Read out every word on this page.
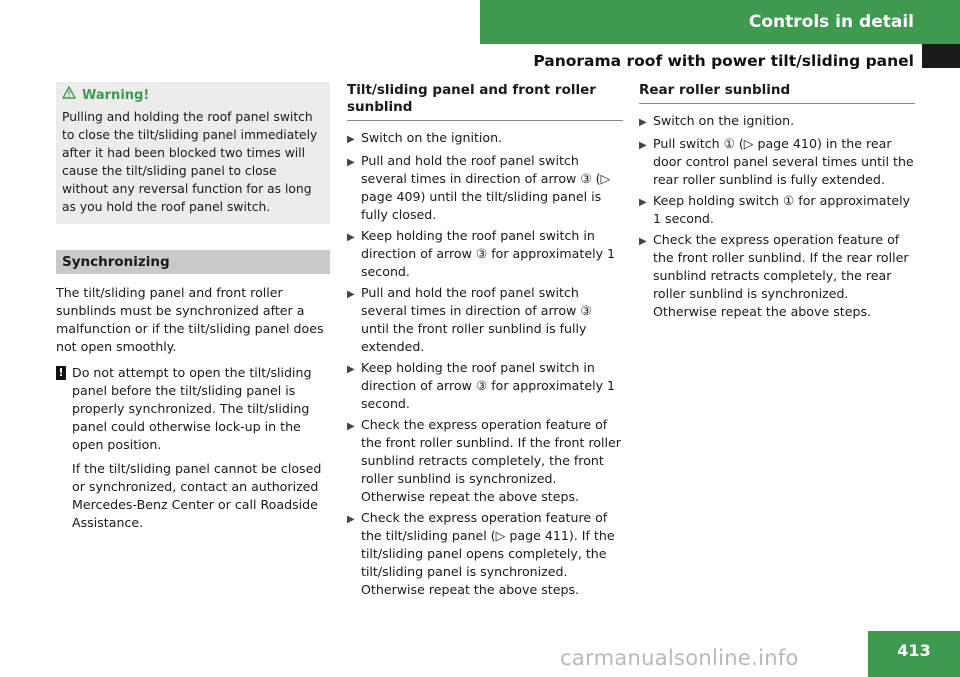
Controls in detail
Panorama roof with power tilt/sliding panel
Warning!

Pulling and holding the roof panel switch to close the tilt/sliding panel immediately after it had been blocked two times will cause the tilt/sliding panel to close without any reversal function for as long as you hold the roof panel switch.

Synchronizing

The tilt/sliding panel and front roller sunblinds must be synchronized after a malfunction or if the tilt/sliding panel does not open smoothly.

! Do not attempt to open the tilt/sliding panel before the tilt/sliding panel is properly synchronized. The tilt/sliding panel could otherwise lock-up in the open position.

If the tilt/sliding panel cannot be closed or synchronized, contact an authorized Mercedes-Benz Center or call Roadside Assistance.

Tilt/sliding panel and front roller sunblind
▶ Switch on the ignition.
▶ Pull and hold the roof panel switch several times in direction of arrow ③ (▷ page 409) until the tilt/sliding panel is fully closed.
▶ Keep holding the roof panel switch in direction of arrow ③ for approximately 1 second.
▶ Pull and hold the roof panel switch several times in direction of arrow ③ until the front roller sunblind is fully extended.
▶ Keep holding the roof panel switch in direction of arrow ③ for approximately 1 second.
▶ Check the express operation feature of the front roller sunblind. If the front roller sunblind retracts completely, the front roller sunblind is synchronized. Otherwise repeat the above steps.
▶ Check the express operation feature of the tilt/sliding panel (▷ page 411). If the tilt/sliding panel opens completely, the tilt/sliding panel is synchronized. Otherwise repeat the above steps.
Rear roller sunblind
▶ Switch on the ignition.
▶ Pull switch ① (▷ page 410) in the rear door control panel several times until the rear roller sunblind is fully extended.
▶ Keep holding switch ① for approximately 1 second.
▶ Check the express operation feature of the front roller sunblind. If the rear roller sunblind retracts completely, the rear roller sunblind is synchronized. Otherwise repeat the above steps.
carmanualsonline.info	413
